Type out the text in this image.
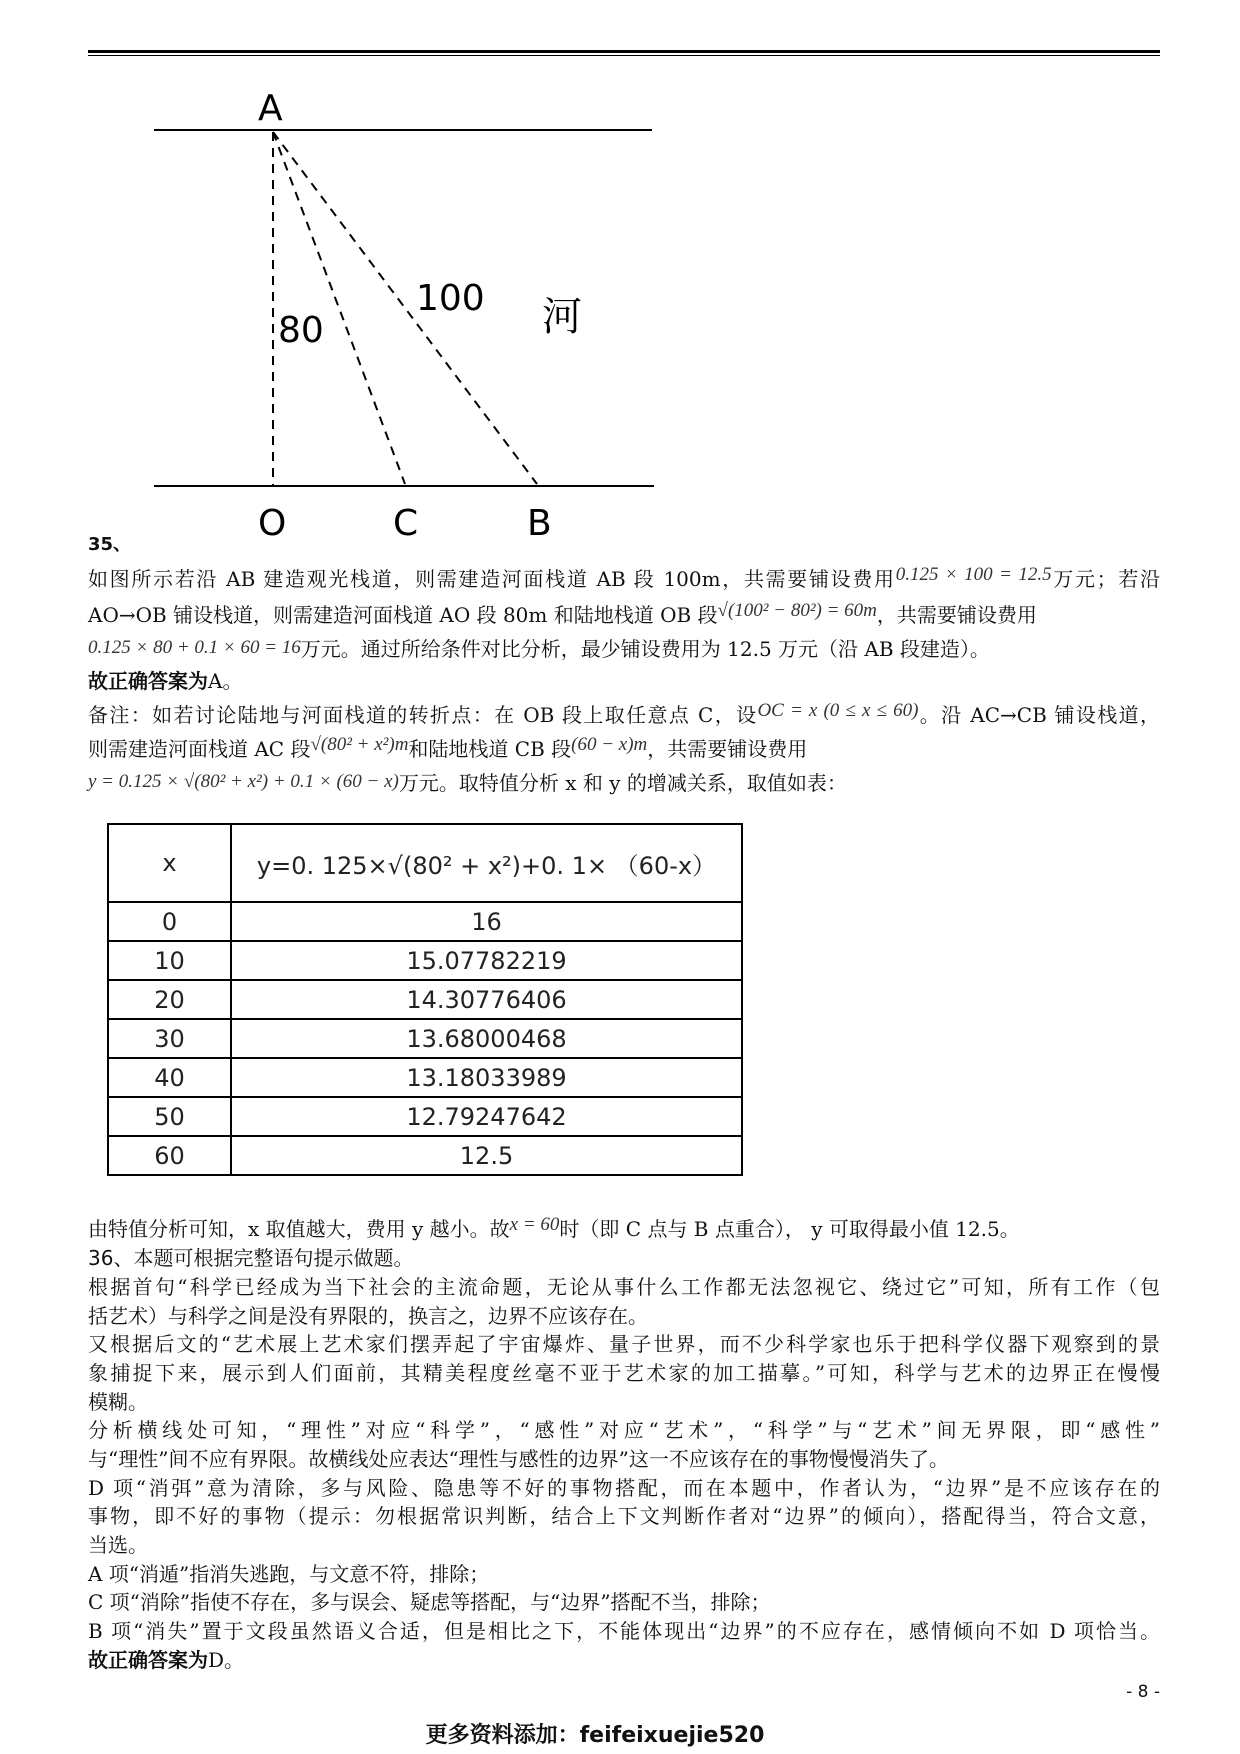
A
O	C	B
80
100 河
35、
如图所示若沿 AB 建造观光栈道，则需建造河面栈道 AB 段 100m，共需要铺设费用0.125 × 100 = 12.5万元；若沿
AO→OB 铺设栈道，则需建造河面栈道 AO 段 80m 和陆地栈道 OB 段√(100² − 80²) = 60m，共需要铺设费用
0.125 × 80 + 0.1 × 60 = 16万元。通过所给条件对比分析，最少铺设费用为 12.5 万元（沿 AB 段建造）。
故正确答案为A。
备注：如若讨论陆地与河面栈道的转折点：在 OB 段上取任意点 C，设OC = x (0 ≤ x ≤ 60)。沿 AC→CB 铺设栈道，
则需建造河面栈道 AC 段√(80² + x²)m和陆地栈道 CB 段(60 − x)m，共需要铺设费用
y = 0.125 × √(80² + x²) + 0.1 × (60 − x)万元。取特值分析 x 和 y 的增减关系，取值如表：
x	y=0. 125×√(80² + x²)+0. 1× （60-x）
0	16
10	15.07782219
20	14.30776406
30	13.68000468
40	13.18033989
50	12.79247642
60	12.5
由特值分析可知，x 取值越大，费用 y 越小。故x = 60时（即 C 点与 B 点重合）， y 可取得最小值 12.5。
36、本题可根据完整语句提示做题。
根据首句“科学已经成为当下社会的主流命题，无论从事什么工作都无法忽视它、绕过它”可知，所有工作（包
括艺术）与科学之间是没有界限的，换言之，边界不应该存在。
又根据后文的“艺术展上艺术家们摆弄起了宇宙爆炸、量子世界，而不少科学家也乐于把科学仪器下观察到的景
象捕捉下来，展示到人们面前，其精美程度丝毫不亚于艺术家的加工描摹。”可知，科学与艺术的边界正在慢慢
模糊。
分析横线处可知，“理性”对应“科学”，“感性”对应“艺术”，“科学”与“艺术”间无界限，即“感性”
与“理性”间不应有界限。故横线处应表达“理性与感性的边界”这一不应该存在的事物慢慢消失了。
D 项“消弭”意为清除，多与风险、隐患等不好的事物搭配，而在本题中，作者认为，“边界”是不应该存在的
事物，即不好的事物（提示：勿根据常识判断，结合上下文判断作者对“边界”的倾向），搭配得当，符合文意，
当选。
A 项“消遁”指消失逃跑，与文意不符，排除；
C 项“消除”指使不存在，多与误会、疑虑等搭配，与“边界”搭配不当，排除；
B 项“消失”置于文段虽然语义合适，但是相比之下，不能体现出“边界”的不应存在，感情倾向不如 D 项恰当。
故正确答案为D。
- 8 -
更多资料添加：feifeixuejie520
